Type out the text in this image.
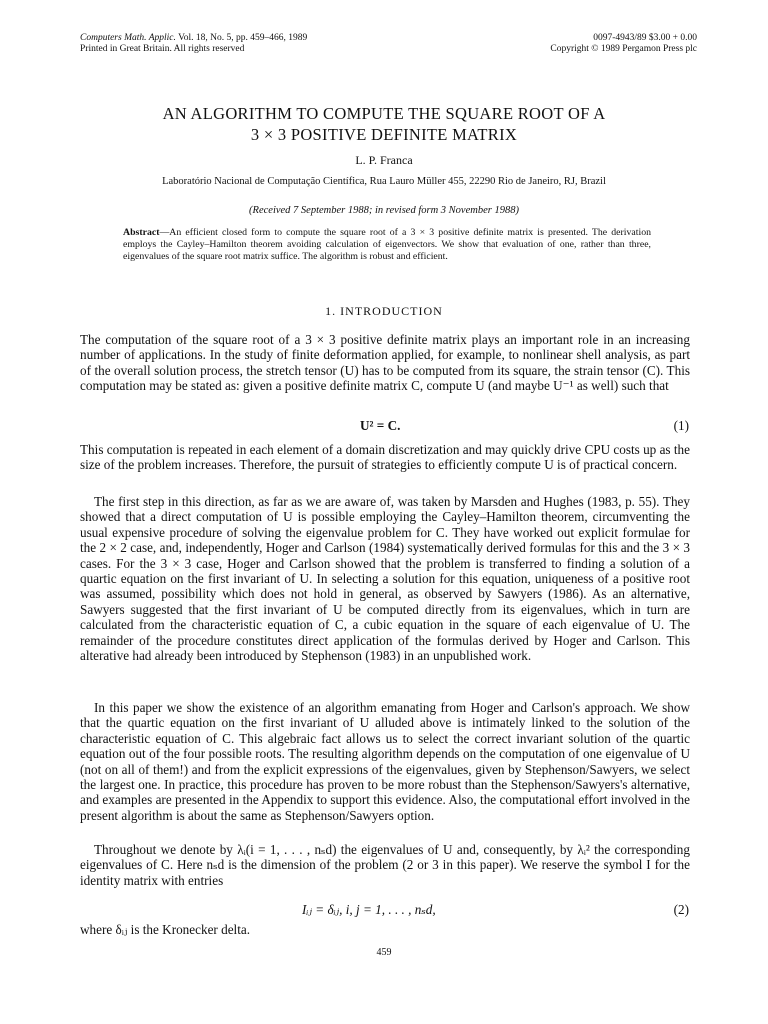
Computers Math. Applic. Vol. 18, No. 5, pp. 459–466, 1989
Printed in Great Britain. All rights reserved
0097-4943/89 $3.00 + 0.00
Copyright © 1989 Pergamon Press plc
AN ALGORITHM TO COMPUTE THE SQUARE ROOT OF A
3 × 3 POSITIVE DEFINITE MATRIX
L. P. Franca
Laboratório Nacional de Computação Científica, Rua Lauro Müller 455, 22290 Rio de Janeiro, RJ, Brazil
(Received 7 September 1988; in revised form 3 November 1988)
Abstract—An efficient closed form to compute the square root of a 3 × 3 positive definite matrix is presented. The derivation employs the Cayley–Hamilton theorem avoiding calculation of eigenvectors. We show that evaluation of one, rather than three, eigenvalues of the square root matrix suffice. The algorithm is robust and efficient.
1. INTRODUCTION
The computation of the square root of a 3 × 3 positive definite matrix plays an important role in an increasing number of applications. In the study of finite deformation applied, for example, to nonlinear shell analysis, as part of the overall solution process, the stretch tensor (U) has to be computed from its square, the strain tensor (C). This computation may be stated as: given a positive definite matrix C, compute U (and maybe U⁻¹ as well) such that
U² = C.	(1)
This computation is repeated in each element of a domain discretization and may quickly drive CPU costs up as the size of the problem increases. Therefore, the pursuit of strategies to efficiently compute U is of practical concern.
The first step in this direction, as far as we are aware of, was taken by Marsden and Hughes (1983, p. 55). They showed that a direct computation of U is possible employing the Cayley–Hamilton theorem, circumventing the usual expensive procedure of solving the eigenvalue problem for C. They have worked out explicit formulae for the 2 × 2 case, and, independently, Hoger and Carlson (1984) systematically derived formulas for this and the 3 × 3 cases. For the 3 × 3 case, Hoger and Carlson showed that the problem is transferred to finding a solution of a quartic equation on the first invariant of U. In selecting a solution for this equation, uniqueness of a positive root was assumed, possibility which does not hold in general, as observed by Sawyers (1986). As an alternative, Sawyers suggested that the first invariant of U be computed directly from its eigenvalues, which in turn are calculated from the characteristic equation of C, a cubic equation in the square of each eigenvalue of U. The remainder of the procedure constitutes direct application of the formulas derived by Hoger and Carlson. This alterative had already been introduced by Stephenson (1983) in an unpublished work.
In this paper we show the existence of an algorithm emanating from Hoger and Carlson's approach. We show that the quartic equation on the first invariant of U alluded above is intimately linked to the solution of the characteristic equation of C. This algebraic fact allows us to select the correct invariant solution of the quartic equation out of the four possible roots. The resulting algorithm depends on the computation of one eigenvalue of U (not on all of them!) and from the explicit expressions of the eigenvalues, given by Stephenson/Sawyers, we select the largest one. In practice, this procedure has proven to be more robust than the Stephenson/Sawyers's alternative, and examples are presented in the Appendix to support this evidence. Also, the computational effort involved in the present algorithm is about the same as Stephenson/Sawyers option.
Throughout we denote by λᵢ(i = 1, . . . , nₛd) the eigenvalues of U and, consequently, by λᵢ² the corresponding eigenvalues of C. Here nₛd is the dimension of the problem (2 or 3 in this paper). We reserve the symbol I for the identity matrix with entries
Iᵢⱼ = δᵢⱼ, i, j = 1, . . . , nₛd,	(2)
where δᵢⱼ is the Kronecker delta.
459
